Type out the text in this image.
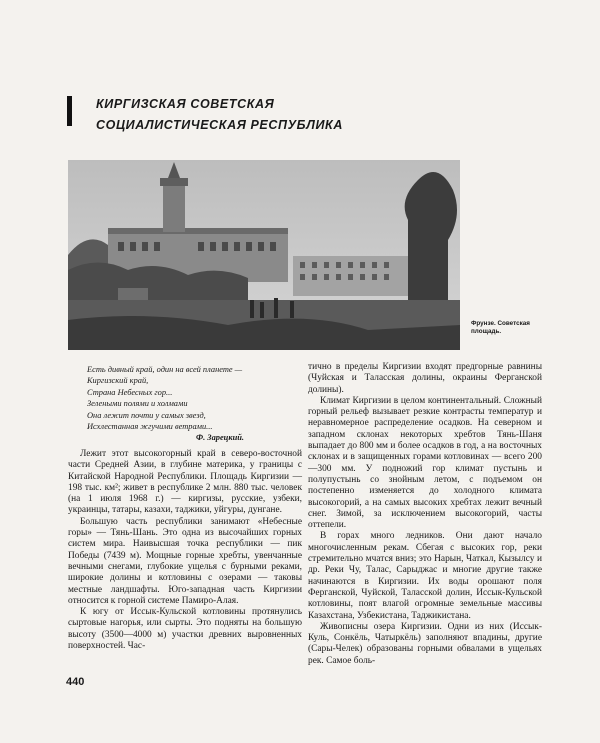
КИРГИЗСКАЯ СОВЕТСКАЯ
СОЦИАЛИСТИЧЕСКАЯ РЕСПУБЛИКА
Фрунзе. Советская площадь.
Есть дивный край, один на всей планете —
Киргизский край,
Страна Небесных гор...
Зелеными полями и холмами
Она лежит почти у самых звезд,
Исхлестанная жгучими ветрами...
Ф. Зарецкий.

Лежит этот высокогорный край в северо-восточной части Средней Азии, в глубине материка, у границы с Китайской Народной Республики. Площадь Киргизии — 198 тыс. км²; живет в республике 2 млн. 880 тыс. человек (на 1 июля 1968 г.) — киргизы, русские, узбеки, украинцы, татары, казахи, таджики, уйгуры, дунгане.

Большую часть республики занимают «Небесные горы» — Тянь-Шань. Это одна из высочайших горных систем мира. Наивысшая точка республики — пик Победы (7439 м). Мощные горные хребты, увенчанные вечными снегами, глубокие ущелья с бурными реками, широкие долины и котловины с озерами — таковы местные ландшафты. Юго-западная часть Киргизии относится к горной системе Памиро-Алая.

К югу от Иссык-Кульской котловины протянулись сыртовые нагорья, или сырты. Это подняты на большую высоту (3500—4000 м) участки древних выровненных поверхностей. Час-

тично в пределы Киргизии входят предгорные равнины (Чуйская и Таласская долины, окраины Ферганской долины).

Климат Киргизии в целом континентальный. Сложный горный рельеф вызывает резкие контрасты температур и неравномерное распределение осадков. На северном и западном склонах некоторых хребтов Тянь-Шаня выпадает до 800 мм и более осадков в год, а на восточных склонах и в защищенных горами котловинах — всего 200—300 мм. У подножий гор климат пустынь и полупустынь со знойным летом, с подъемом он постепенно изменяется до холодного климата высокогорий, а на самых высоких хребтах лежит вечный снег. Зимой, за исключением высокогорий, часты оттепели.

В горах много ледников. Они дают начало многочисленным рекам. Сбегая с высоких гор, реки стремительно мчатся вниз; это Нарын, Чаткал, Кызылсу и др. Реки Чу, Талас, Сарыджас и многие другие также начинаются в Киргизии. Их воды орошают поля Ферганской, Чуйской, Таласской долин, Иссык-Кульской котловины, поят влагой огромные земельные массивы Казахстана, Узбекистана, Таджикистана.

Живописны озера Киргизии. Одни из них (Иссык-Куль, Сонкёль, Чатыркёль) заполняют впадины, другие (Сары-Челек) образованы горными обвалами в ущельях рек. Самое боль-

440
